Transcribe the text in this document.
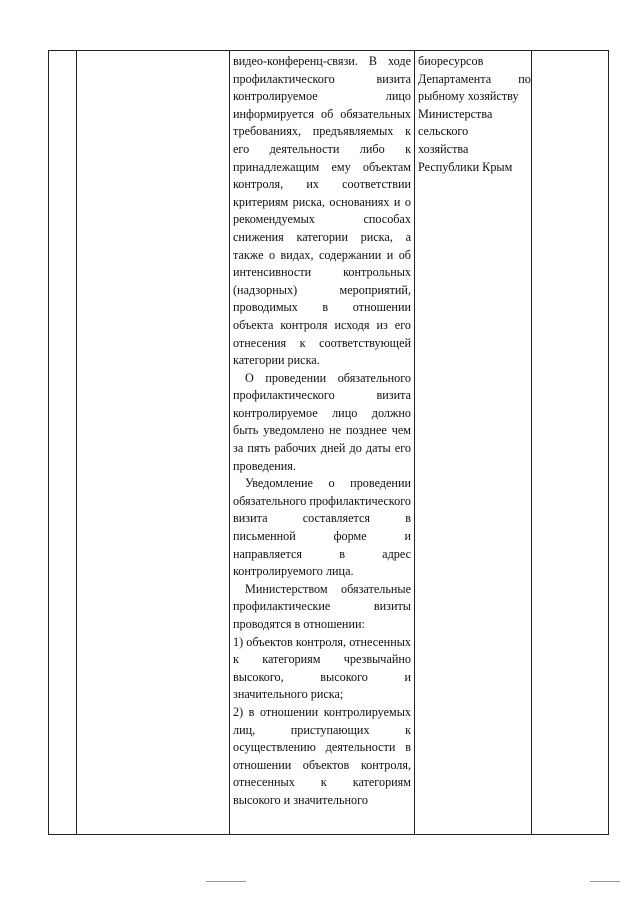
видео-конференц-связи. В ходе профилактического визита контролируемое лицо информируется об обязательных требованиях, предъявляемых к его деятельности либо к принадлежащим ему объектам контроля, их соответствии критериям риска, основаниях и о рекомендуемых способах снижения категории риска, а также о видах, содержании и об интенсивности контрольных (надзорных) мероприятий, проводимых в отношении объекта контроля исходя из его отнесения к соответствующей категории риска.

О проведении обязательного профилактического визита контролируемое лицо должно быть уведомлено не позднее чем за пять рабочих дней до даты его проведения.

Уведомление о проведении обязательного профилактического визита составляется в письменной форме и направляется в адрес контролируемого лица.

Министерством обязательные профилактические визиты проводятся в отношении:

1) объектов контроля, отнесенных к категориям чрезвычайно высокого, высокого и значительного риска;

2) в отношении контролируемых лиц, приступающих к осуществлению деятельности в отношении объектов контроля, отнесенных к категориям высокого и значительного

биоресурсов

Департамента по

рыбному хозяйству

Министерства

сельского

хозяйства

Республики Крым
